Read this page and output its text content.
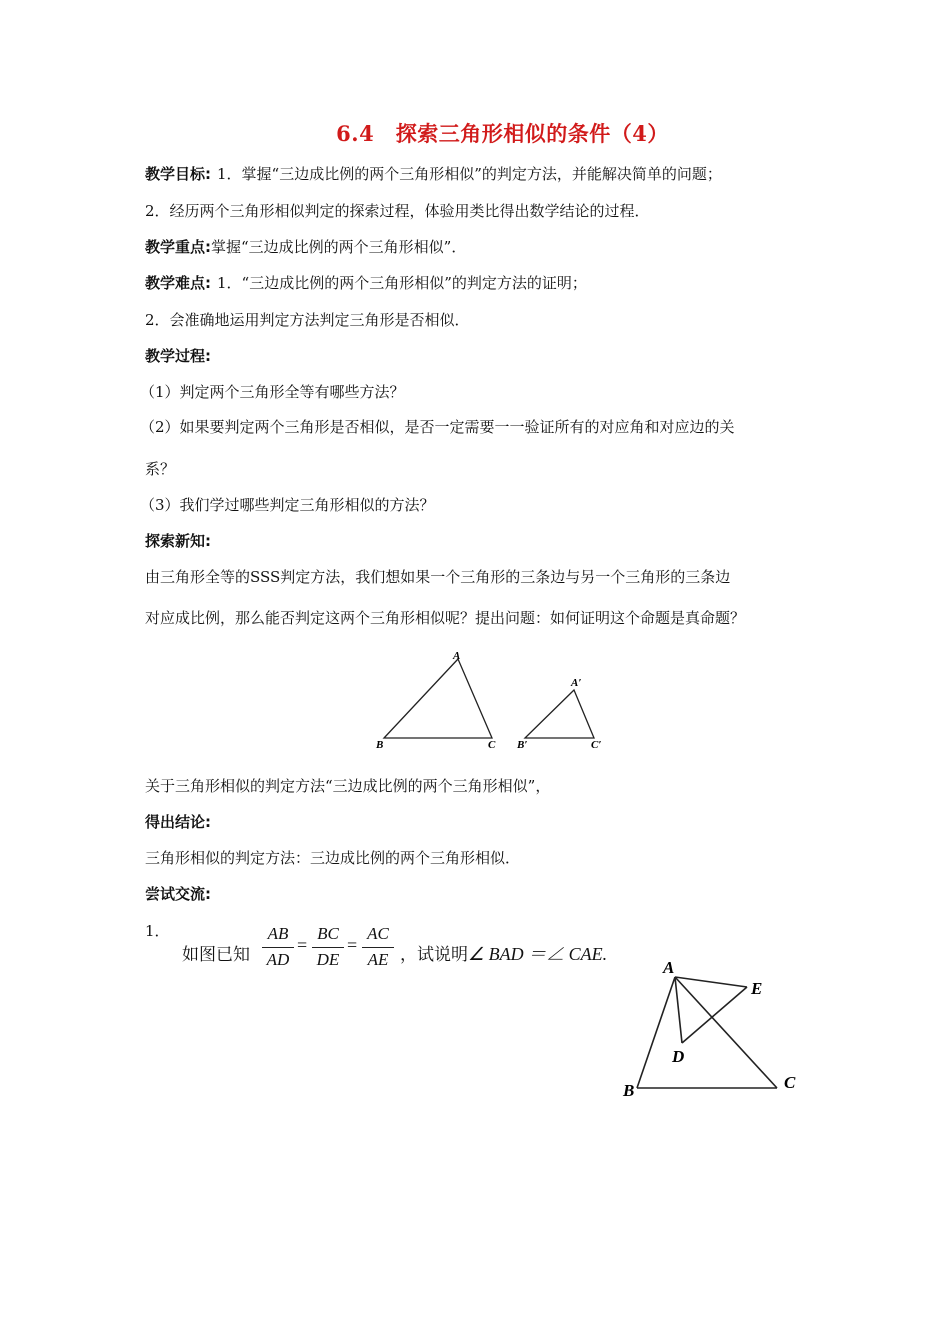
6.4　探索三角形相似的条件（4）
教学目标: 1．掌握“三边成比例的两个三角形相似”的判定方法，并能解决简单的问题；
2．经历两个三角形相似判定的探索过程，体验用类比得出数学结论的过程．
教学重点:掌握“三边成比例的两个三角形相似”．
教学难点: 1．“三边成比例的两个三角形相似”的判定方法的证明；
2．会准确地运用判定方法判定三角形是否相似．
教学过程:
（1）判定两个三角形全等有哪些方法？
（2）如果要判定两个三角形是否相似，是否一定需要一一验证所有的对应角和对应边的关
系？
（3）我们学过哪些判定三角形相似的方法？
探索新知:
由三角形全等的SSS判定方法，我们想如果一个三角形的三条边与另一个三角形的三条边
对应成比例，那么能否判定这两个三角形相似呢？提出问题：如何证明这个命题是真命题？
A
B	C
A′
B′	C′
关于三角形相似的判定方法“三边成比例的两个三角形相似”，
得出结论:
三角形相似的判定方法：三边成比例的两个三角形相似．
尝试交流:
1．
如图已知
AB
AD
=
BC
DE
=
AC
AE ，试说明∠ BAD ＝∠ CAE.
A
B	C
D
E
